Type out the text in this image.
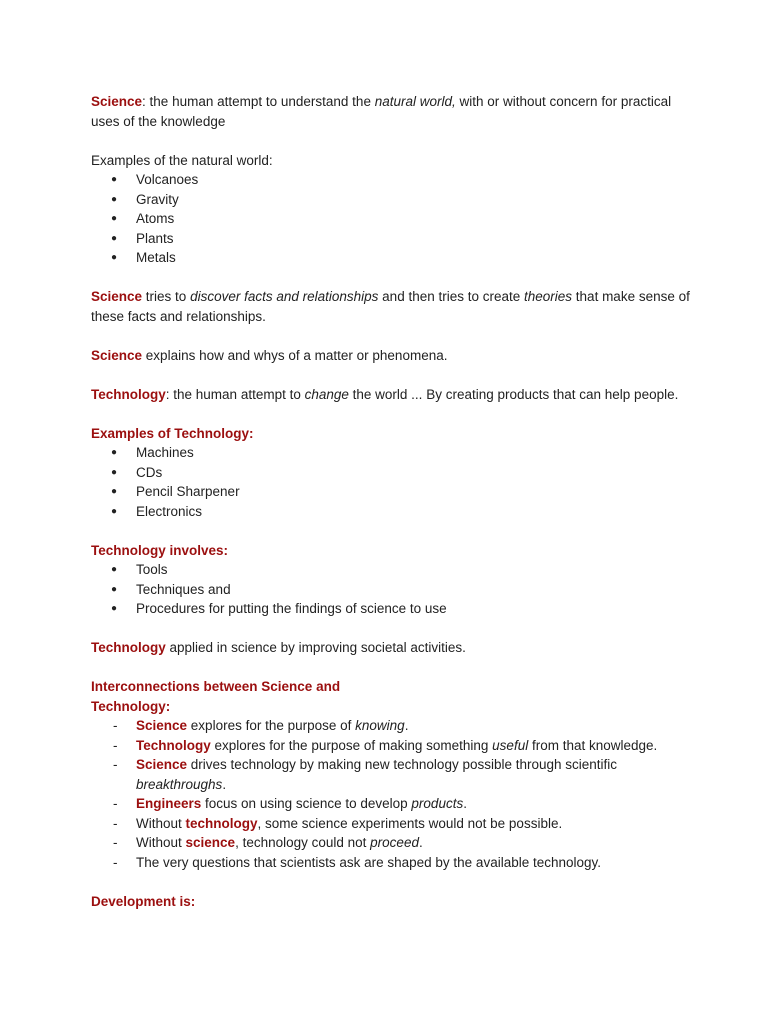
Science: the human attempt to understand the natural world, with or without concern for practical uses of the knowledge

Examples of the natural world:

● Volcanoes
● Gravity
● Atoms
● Plants
● Metals

Science tries to discover facts and relationships and then tries to create theories that make sense of these facts and relationships.

Science explains how and whys of a matter or phenomena.

Technology: the human attempt to change the world ... By creating products that can help people.

Examples of Technology:

● Machines
● CDs
● Pencil Sharpener
● Electronics

Technology involves:

● Tools
● Techniques and
● Procedures for putting the findings of science to use

Technology applied in science by improving societal activities.

Interconnections between Science and

Technology:

- Science explores for the purpose of knowing.
- Technology explores for the purpose of making something useful from that knowledge.
- Science drives technology by making new technology possible through scientific breakthroughs.
- Engineers focus on using science to develop products.
- Without technology, some science experiments would not be possible.
- Without science, technology could not proceed.
- The very questions that scientists ask are shaped by the available technology.

Development is:
